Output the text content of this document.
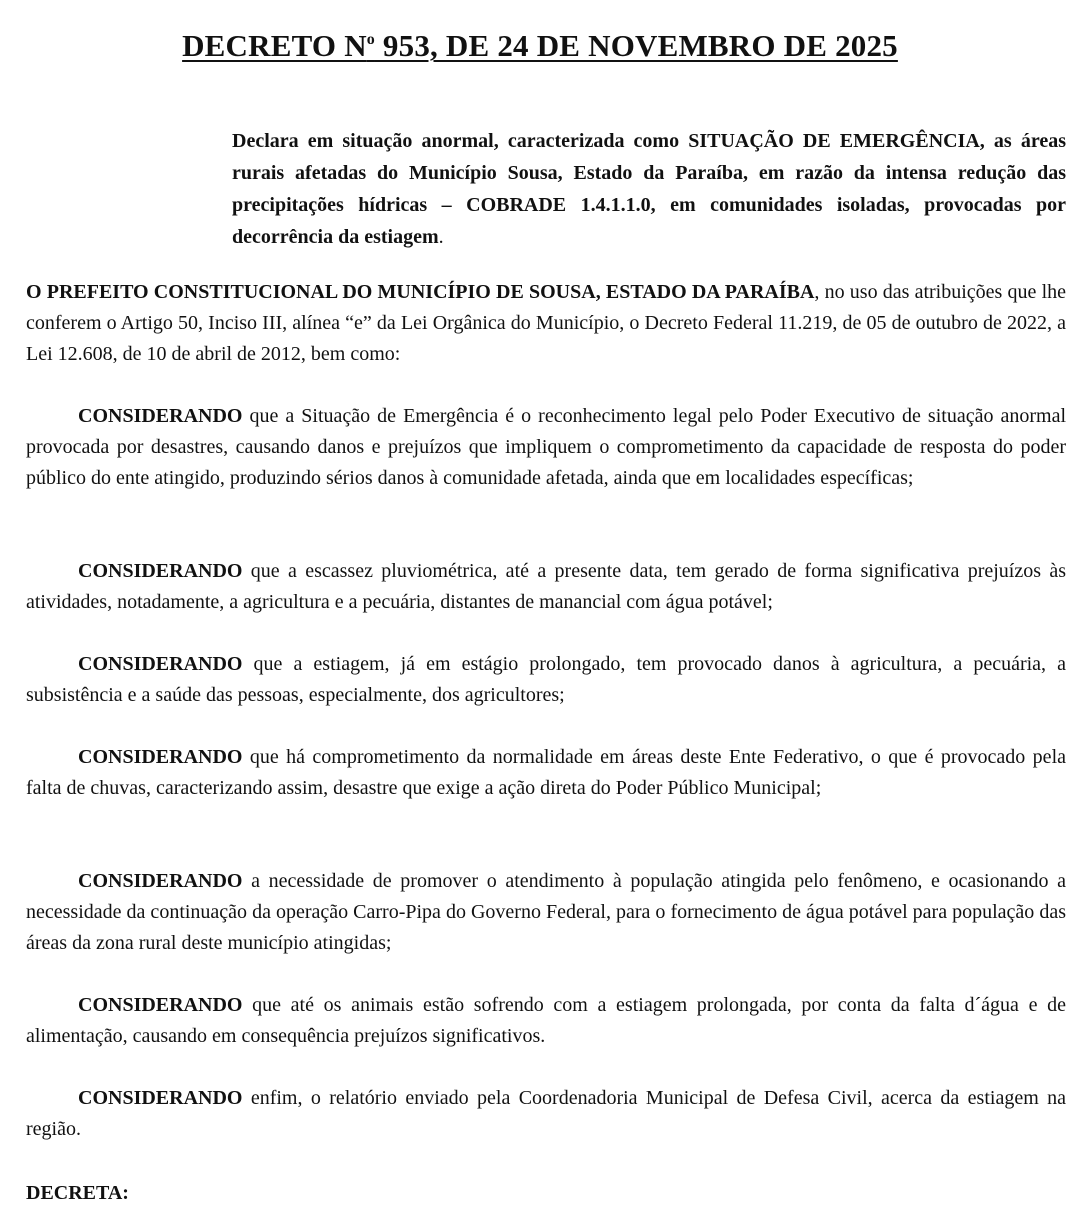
DECRETO $N^o$ 953, DE 24 DE NOVEMBRO DE 2025
Declara em situação anormal, caracterizada como SITUAÇÃO DE EMERGÊNCIA, as áreas rurais afetadas do Município Sousa, Estado da Paraíba, em razão da intensa redução das precipitações hídricas – COBRADE 1.4.1.1.0, em comunidades isoladas, provocadas por decorrência da estiagem.
O PREFEITO CONSTITUCIONAL DO MUNICÍPIO DE SOUSA, ESTADO DA PARAÍBA, no uso das atribuições que lhe conferem o Artigo 50, Inciso III, alínea “e” da Lei Orgânica do Município, o Decreto Federal 11.219, de 05 de outubro de 2022, a Lei 12.608, de 10 de abril de 2012, bem como:

CONSIDERANDO que a Situação de Emergência é o reconhecimento legal pelo Poder Executivo de situação anormal provocada por desastres, causando danos e prejuízos que impliquem o comprometimento da capacidade de resposta do poder público do ente atingido, produzindo sérios danos à comunidade afetada, ainda que em localidades específicas;

CONSIDERANDO que a escassez pluviométrica, até a presente data, tem gerado de forma significativa prejuízos às atividades, notadamente, a agricultura e a pecuária, distantes de manancial com água potável;

CONSIDERANDO que a estiagem, já em estágio prolongado, tem provocado danos à agricultura, a pecuária, a subsistência e a saúde das pessoas, especialmente, dos agricultores;

CONSIDERANDO que há comprometimento da normalidade em áreas deste Ente Federativo, o que é provocado pela falta de chuvas, caracterizando assim, desastre que exige a ação direta do Poder Público Municipal;

CONSIDERANDO a necessidade de promover o atendimento à população atingida pelo fenômeno, e ocasionando a necessidade da continuação da operação Carro-Pipa do Governo Federal, para o fornecimento de água potável para população das áreas da zona rural deste município atingidas;

CONSIDERANDO que até os animais estão sofrendo com a estiagem prolongada, por conta da falta d´água e de alimentação, causando em consequência prejuízos significativos.

CONSIDERANDO enfim, o relatório enviado pela Coordenadoria Municipal de Defesa Civil, acerca da estiagem na região.

DECRETA:
